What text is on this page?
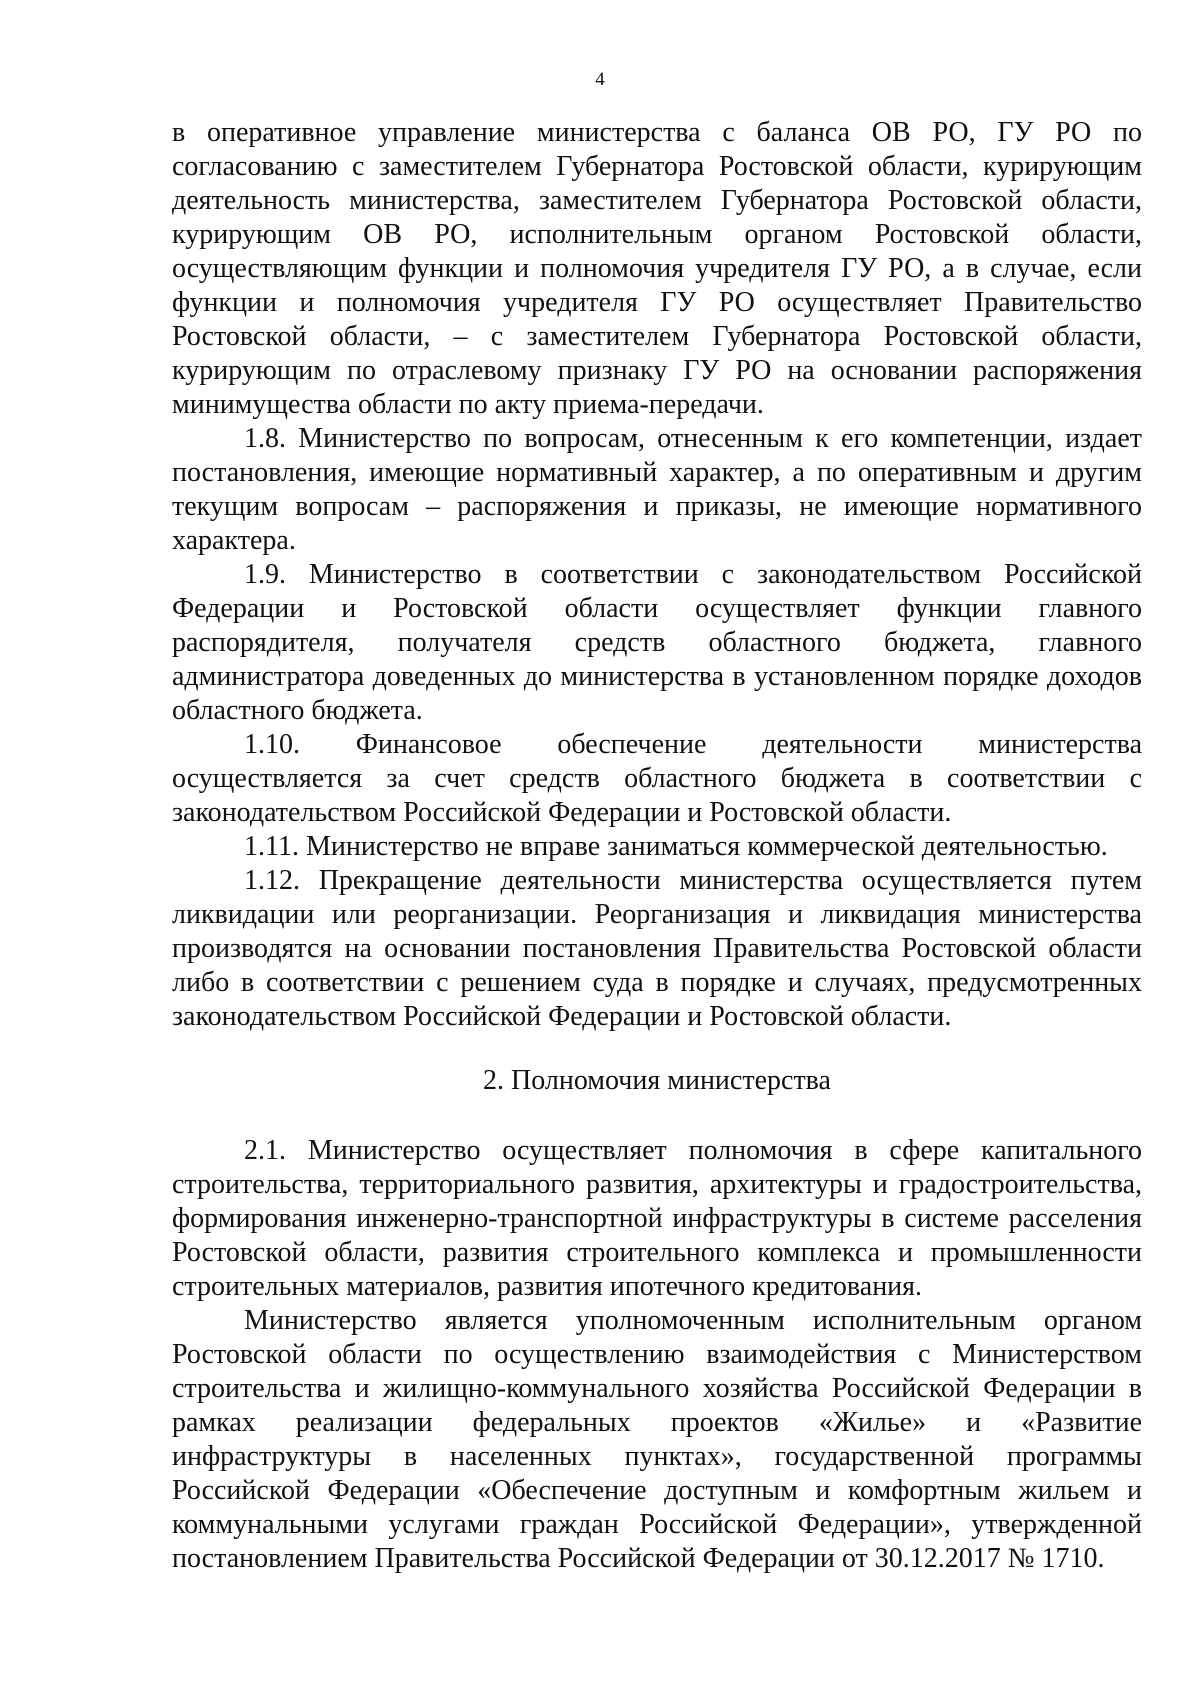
4

в оперативное управление министерства с баланса ОВ РО, ГУ РО по согласованию с заместителем Губернатора Ростовской области, курирующим деятельность министерства, заместителем Губернатора Ростовской области, курирующим ОВ РО, исполнительным органом Ростовской области, осуществляющим функции и полномочия учредителя ГУ РО, а в случае, если функции и полномочия учредителя ГУ РО осуществляет Правительство Ростовской области, – с заместителем Губернатора Ростовской области, курирующим по отраслевому признаку ГУ РО на основании распоряжения минимущества области по акту приема-передачи.

1.8. Министерство по вопросам, отнесенным к его компетенции, издает постановления, имеющие нормативный характер, а по оперативным и другим текущим вопросам – распоряжения и приказы, не имеющие нормативного характера.

1.9. Министерство в соответствии с законодательством Российской Федерации и Ростовской области осуществляет функции главного распорядителя, получателя средств областного бюджета, главного администратора доведенных до министерства в установленном порядке доходов областного бюджета.

1.10. Финансовое обеспечение деятельности министерства осуществляется за счет средств областного бюджета в соответствии с законодательством Российской Федерации и Ростовской области.

1.11. Министерство не вправе заниматься коммерческой деятельностью.

1.12. Прекращение деятельности министерства осуществляется путем ликвидации или реорганизации. Реорганизация и ликвидация министерства производятся на основании постановления Правительства Ростовской области либо в соответствии с решением суда в порядке и случаях, предусмотренных законодательством Российской Федерации и Ростовской области.

2. Полномочия министерства

2.1. Министерство осуществляет полномочия в сфере капитального строительства, территориального развития, архитектуры и градостроительства, формирования инженерно-транспортной инфраструктуры в системе расселения Ростовской области, развития строительного комплекса и промышленности строительных материалов, развития ипотечного кредитования.

Министерство является уполномоченным исполнительным органом Ростовской области по осуществлению взаимодействия с Министерством строительства и жилищно-коммунального хозяйства Российской Федерации в рамках реализации федеральных проектов «Жилье» и «Развитие инфраструктуры в населенных пунктах», государственной программы Российской Федерации «Обеспечение доступным и комфортным жильем и коммунальными услугами граждан Российской Федерации», утвержденной постановлением Правительства Российской Федерации от 30.12.2017 № 1710.
